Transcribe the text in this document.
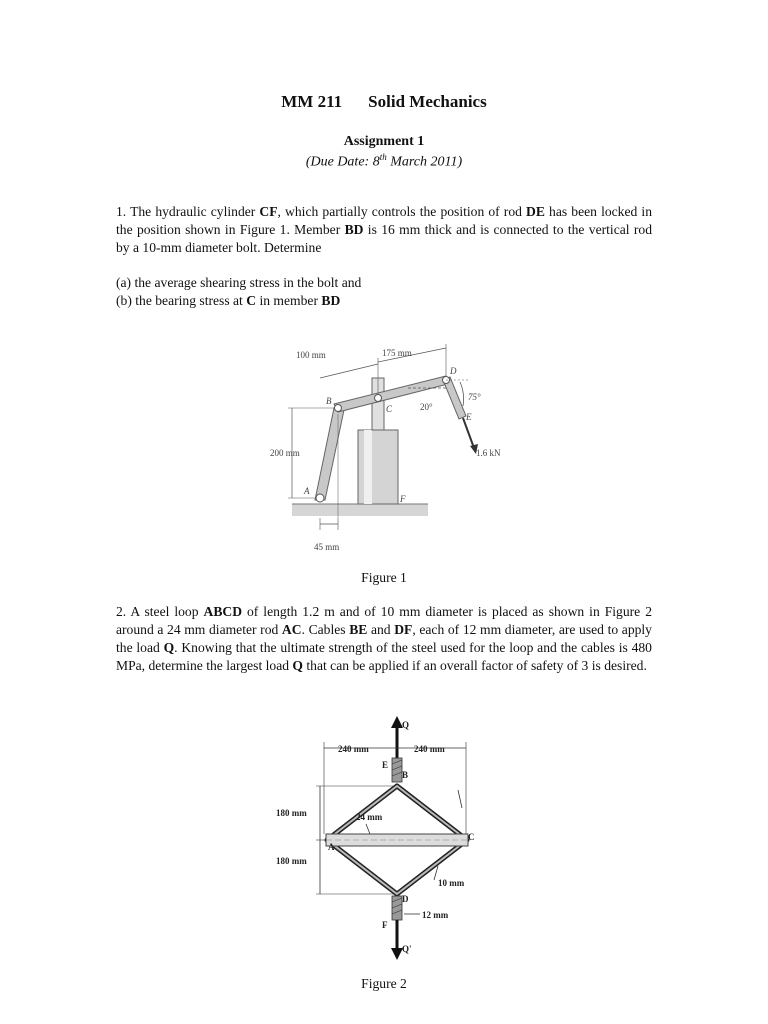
MM 211 Solid Mechanics
Assignment 1
(Due Date: 8th March 2011)
1. The hydraulic cylinder CF, which partially controls the position of rod DE has been locked in the position shown in Figure 1. Member BD is 16 mm thick and is connected to the vertical rod by a 10-mm diameter bolt. Determine
(a) the average shearing stress in the bolt and
(b) the bearing stress at C in member BD
100 mm	175 mm
200 mm
45 mm
20°
75°
1.6 kN
A
B
C
D
E
F
Figure 1
2. A steel loop ABCD of length 1.2 m and of 10 mm diameter is placed as shown in Figure 2 around a 24 mm diameter rod AC. Cables BE and DF, each of 12 mm diameter, are used to apply the load Q. Knowing that the ultimate strength of the steel used for the loop and the cables is 480 MPa, determine the largest load Q that can be applied if an overall factor of safety of 3 is desired.
240 mm	240 mm
180 mm
180 mm
24 mm
10 mm
12 mm
Q
Q'
A
B
C
D
E
F
Figure 2
